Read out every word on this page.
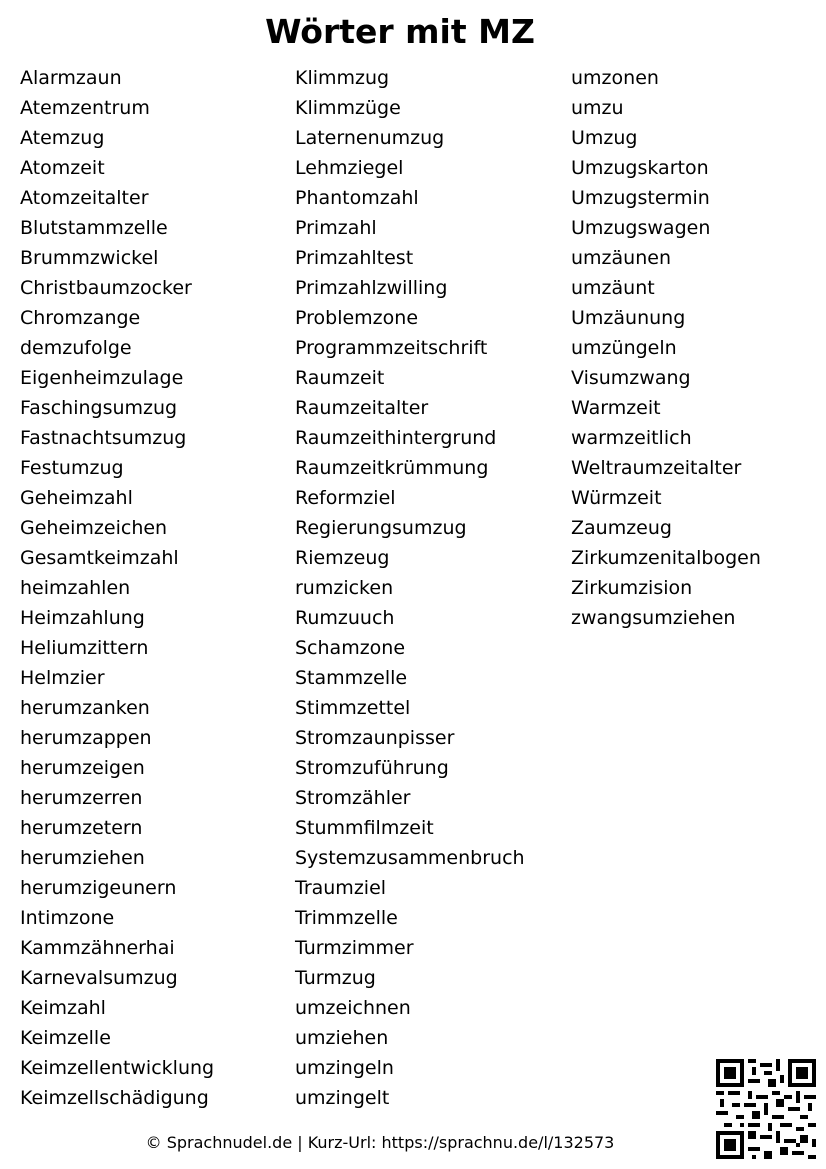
Wörter mit MZ
Alarmzaun
Atemzentrum
Atemzug
Atomzeit
Atomzeitalter
Blutstammzelle
Brummzwickel
Christbaumzocker
Chromzange
demzufolge
Eigenheimzulage
Faschingsumzug
Fastnachtsumzug
Festumzug
Geheimzahl
Geheimzeichen
Gesamtkeimzahl
heimzahlen
Heimzahlung
Heliumzittern
Helmzier
herumzanken
herumzappen
herumzeigen
herumzerren
herumzetern
herumziehen
herumzigeunern
Intimzone
Kammzähnerhai
Karnevalsumzug
Keimzahl
Keimzelle
Keimzellentwicklung
Keimzellschädigung
Klimmzug
Klimmzüge
Laternenumzug
Lehmziegel
Phantomzahl
Primzahl
Primzahltest
Primzahlzwilling
Problemzone
Programmzeitschrift
Raumzeit
Raumzeitalter
Raumzeithintergrund
Raumzeitkrümmung
Reformziel
Regierungsumzug
Riemzeug
rumzicken
Rumzuuch
Schamzone
Stammzelle
Stimmzettel
Stromzaunpisser
Stromzuführung
Stromzähler
Stummfilmzeit
Systemzusammenbruch
Traumziel
Trimmzelle
Turmzimmer
Turmzug
umzeichnen
umziehen
umzingeln
umzingelt
umzonen
umzu
Umzug
Umzugskarton
Umzugstermin
Umzugswagen
umzäunen
umzäunt
Umzäunung
umzüngeln
Visumzwang
Warmzeit
warmzeitlich
Weltraumzeitalter
Würmzeit
Zaumzeug
Zirkumzenitalbogen
Zirkumzision
zwangsumziehen
© Sprachnudel.de | Kurz-Url: https://sprachnu.de/l/132573
